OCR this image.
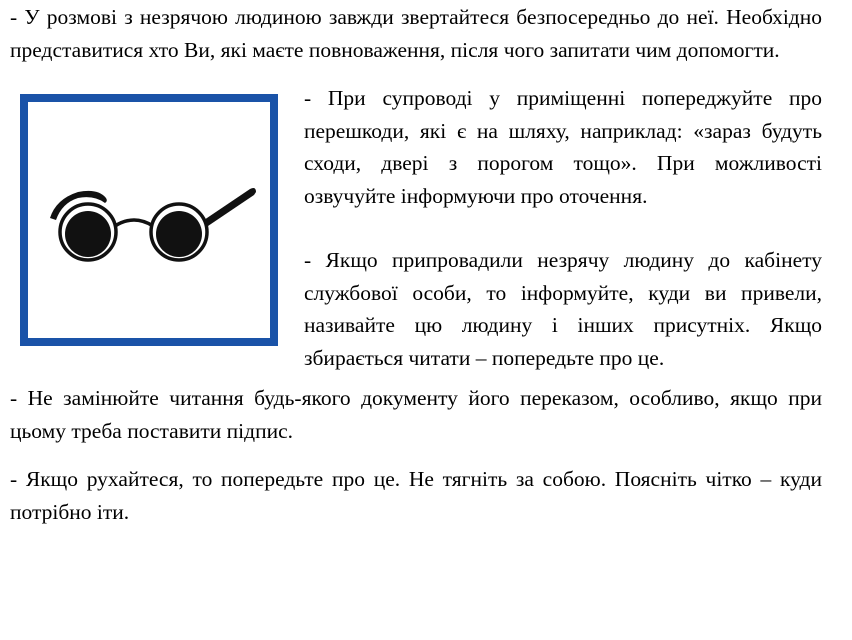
- У розмові з незрячою людиною завжди звертайтеся безпосередньо до неї. Необхідно представитися хто Ви, які маєте повноваження, після чого запитати чим допомогти.

- При супроводі у приміщенні попереджуйте про перешкоди, які є на шляху, наприклад: «зараз будуть сходи, двері з порогом тощо». При можливості озвучуйте інформуючи про оточення.

- Якщо припровадили незрячу людину до кабінету службової особи, то інформуйте, куди ви привели, називайте цю людину і інших присутніх. Якщо збирається читати – попередьте про це.

- Не замінюйте читання будь-якого документу його переказом, особливо, якщо при цьому треба поставити підпис.

- Якщо рухайтеся, то попередьте про це. Не тягніть за собою. Поясніть чітко – куди потрібно іти.
